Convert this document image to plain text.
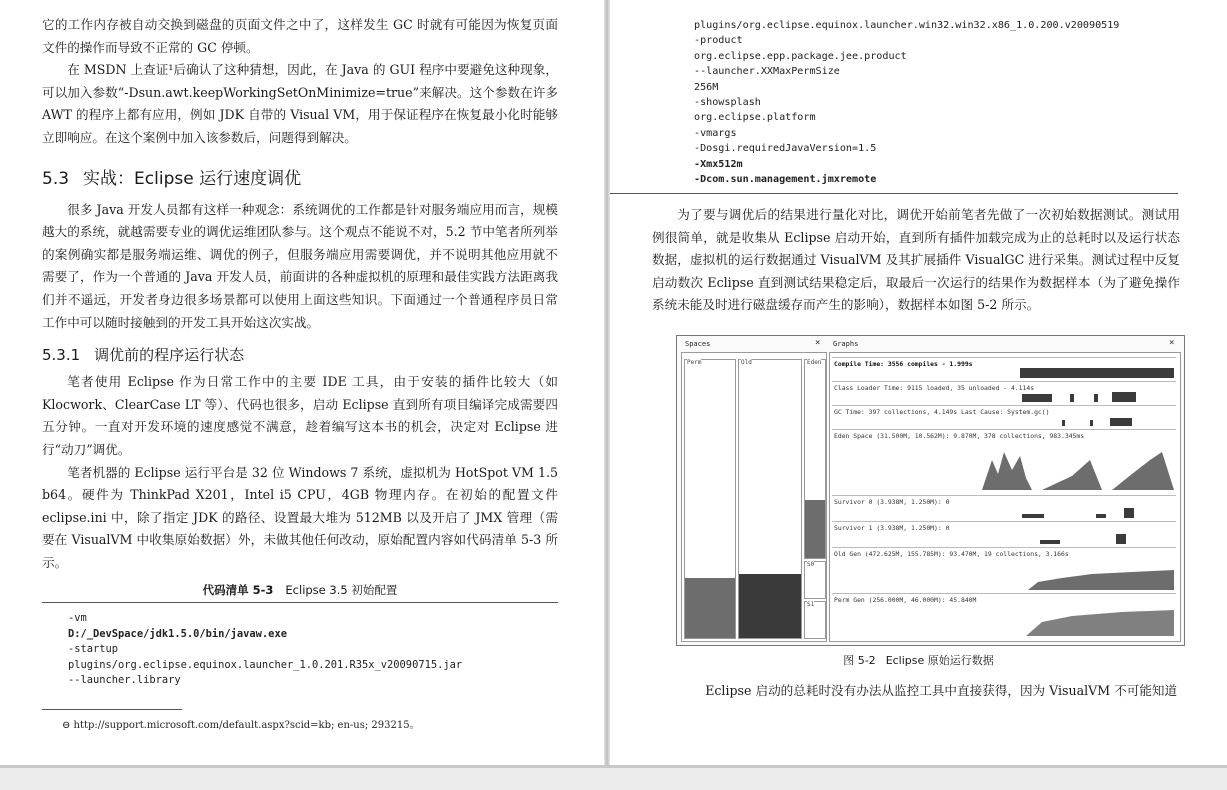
它的工作内存被自动交换到磁盘的页面文件之中了，这样发生 GC 时就有可能因为恢复页面文件的操作而导致不正常的 GC 停顿。

在 MSDN 上查证¹后确认了这种猜想，因此，在 Java 的 GUI 程序中要避免这种现象，可以加入参数“-Dsun.awt.keepWorkingSetOnMinimize=true”来解决。这个参数在许多 AWT 的程序上都有应用，例如 JDK 自带的 Visual VM，用于保证程序在恢复最小化时能够立即响应。在这个案例中加入该参数后，问题得到解决。

5.3 实战：Eclipse 运行速度调优

很多 Java 开发人员都有这样一种观念：系统调优的工作都是针对服务端应用而言，规模越大的系统，就越需要专业的调优运维团队参与。这个观点不能说不对，5.2 节中笔者所列举的案例确实都是服务端运维、调优的例子，但服务端应用需要调优，并不说明其他应用就不需要了，作为一个普通的 Java 开发人员，前面讲的各种虚拟机的原理和最佳实践方法距离我们并不遥远，开发者身边很多场景都可以使用上面这些知识。下面通过一个普通程序员日常工作中可以随时接触到的开发工具开始这次实战。

5.3.1 调优前的程序运行状态

笔者使用 Eclipse 作为日常工作中的主要 IDE 工具，由于安装的插件比较大（如 Klocwork、ClearCase LT 等）、代码也很多，启动 Eclipse 直到所有项目编译完成需要四五分钟。一直对开发环境的速度感觉不满意，趁着编写这本书的机会，决定对 Eclipse 进行“动刀”调优。

笔者机器的 Eclipse 运行平台是 32 位 Windows 7 系统，虚拟机为 HotSpot VM 1.5 b64。硬件为 ThinkPad X201，Intel i5 CPU，4GB 物理内存。在初始的配置文件 eclipse.ini 中，除了指定 JDK 的路径、设置最大堆为 512MB 以及开启了 JMX 管理（需要在 VisualVM 中收集原始数据）外，未做其他任何改动，原始配置内容如代码清单 5-3 所示。

代码清单 5-3 Eclipse 3.5 初始配置
-vm
D:/_DevSpace/jdk1.5.0/bin/javaw.exe
-startup
plugins/org.eclipse.equinox.launcher_1.0.201.R35x_v20090715.jar
--launcher.library
⊖ http://support.microsoft.com/default.aspx?scid=kb; en-us; 293215。
plugins/org.eclipse.equinox.launcher.win32.win32.x86_1.0.200.v20090519
-product
org.eclipse.epp.package.jee.product
--launcher.XXMaxPermSize
256M
-showsplash
org.eclipse.platform
-vmargs
-Dosgi.requiredJavaVersion=1.5
-Xmx512m
-Dcom.sun.management.jmxremote

为了要与调优后的结果进行量化对比，调优开始前笔者先做了一次初始数据测试。测试用例很简单，就是收集从 Eclipse 启动开始，直到所有插件加载完成为止的总耗时以及运行状态数据，虚拟机的运行数据通过 VisualVM 及其扩展插件 VisualGC 进行采集。测试过程中反复启动数次 Eclipse 直到测试结果稳定后，取最后一次运行的结果作为数据样本（为了避免操作系统未能及时进行磁盘缓存而产生的影响），数据样本如图 5-2 所示。

Spaces	× Graphs	×
Perm	Old	Eden
S0
S1
Compile Time: 3556 compiles - 1.999s
Class Loader Time: 9115 loaded, 35 unloaded - 4.114s
GC Time: 397 collections, 4.149s Last Cause: System.gc()
Eden Space (31.500M, 10.562M): 9.870M, 378 collections, 983.345ms
Survivor 0 (3.938M, 1.250M): 0
Survivor 1 (3.938M, 1.250M): 0
Old Gen (472.625M, 155.785M): 93.470M, 19 collections, 3.166s
Perm Gen (256.000M, 46.000M): 45.840M
图 5-2 Eclipse 原始运行数据

Eclipse 启动的总耗时没有办法从监控工具中直接获得，因为 VisualVM 不可能知道
